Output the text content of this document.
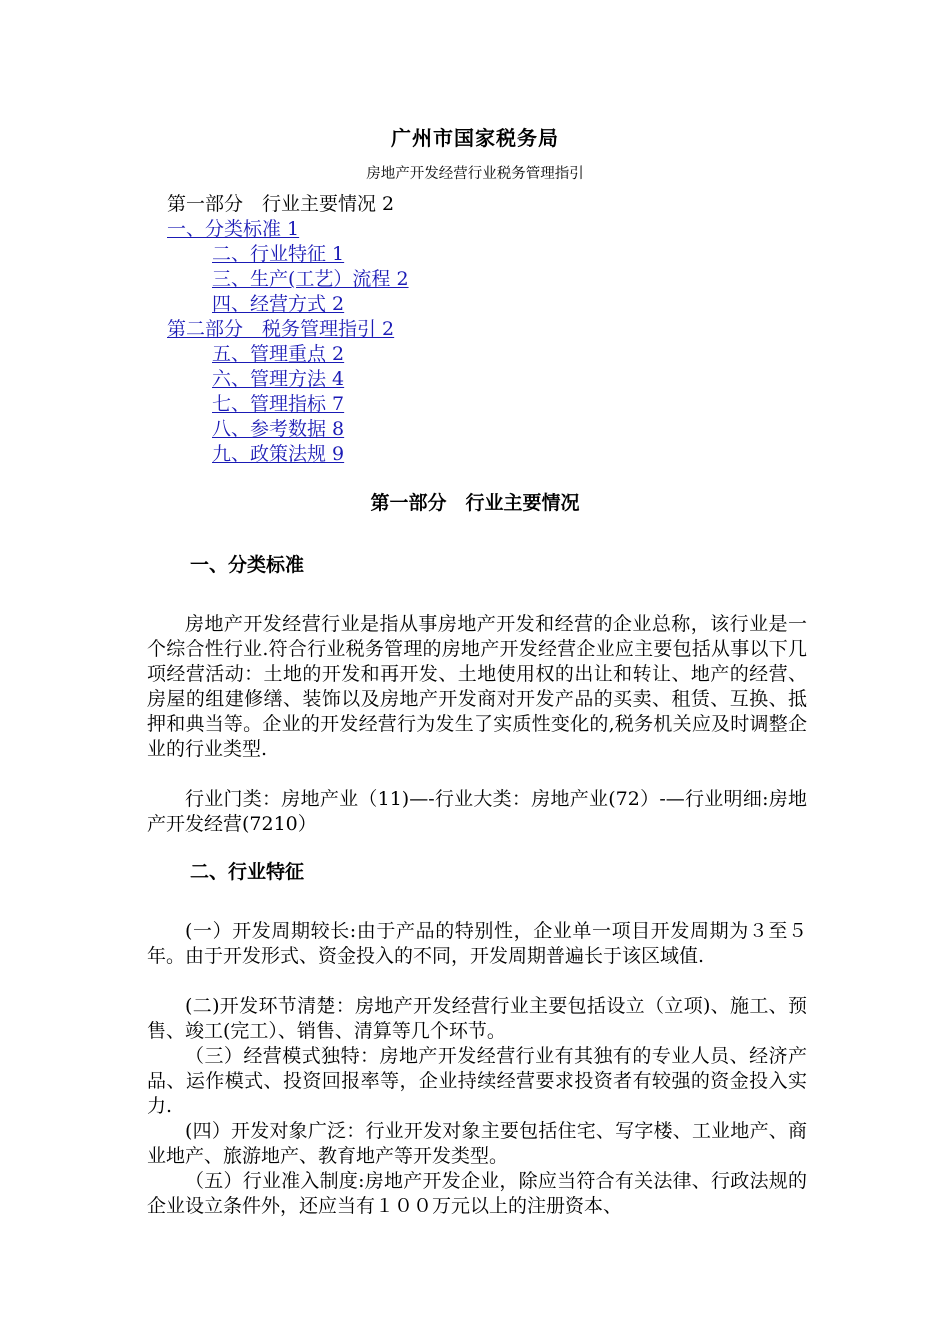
广州市国家税务局
房地产开发经营行业税务管理指引
第一部分　行业主要情况 2
一、分类标准 1
二、行业特征 1
三、生产(工艺）流程 2
四、经营方式 2
第二部分　税务管理指引 2
五、管理重点 2
六、管理方法 4
七、管理指标 7
八、参考数据 8
九、政策法规 9
第一部分　行业主要情况
一、分类标准
房地产开发经营行业是指从事房地产开发和经营的企业总称，该行业是一个综合性行业.符合行业税务管理的房地产开发经营企业应主要包括从事以下几项经营活动：土地的开发和再开发、土地使用权的出让和转让、地产的经营、房屋的组建修缮、装饰以及房地产开发商对开发产品的买卖、租赁、互换、抵押和典当等。企业的开发经营行为发生了实质性变化的,税务机关应及时调整企业的行业类型.
行业门类：房地产业（11)—-行业大类：房地产业(72）-—行业明细:房地产开发经营(7210）
二、行业特征
(一）开发周期较长:由于产品的特别性，企业单一项目开发周期为３至５年。由于开发形式、资金投入的不同，开发周期普遍长于该区域值.
(二)开发环节清楚：房地产开发经营行业主要包括设立（立项)、施工、预售、竣工(完工）、销售、清算等几个环节。
（三）经营模式独特：房地产开发经营行业有其独有的专业人员、经济产品、运作模式、投资回报率等，企业持续经营要求投资者有较强的资金投入实力.
(四）开发对象广泛：行业开发对象主要包括住宅、写字楼、工业地产、商业地产、旅游地产、教育地产等开发类型。
（五）行业准入制度:房地产开发企业，除应当符合有关法律、行政法规的企业设立条件外，还应当有１００万元以上的注册资本、
